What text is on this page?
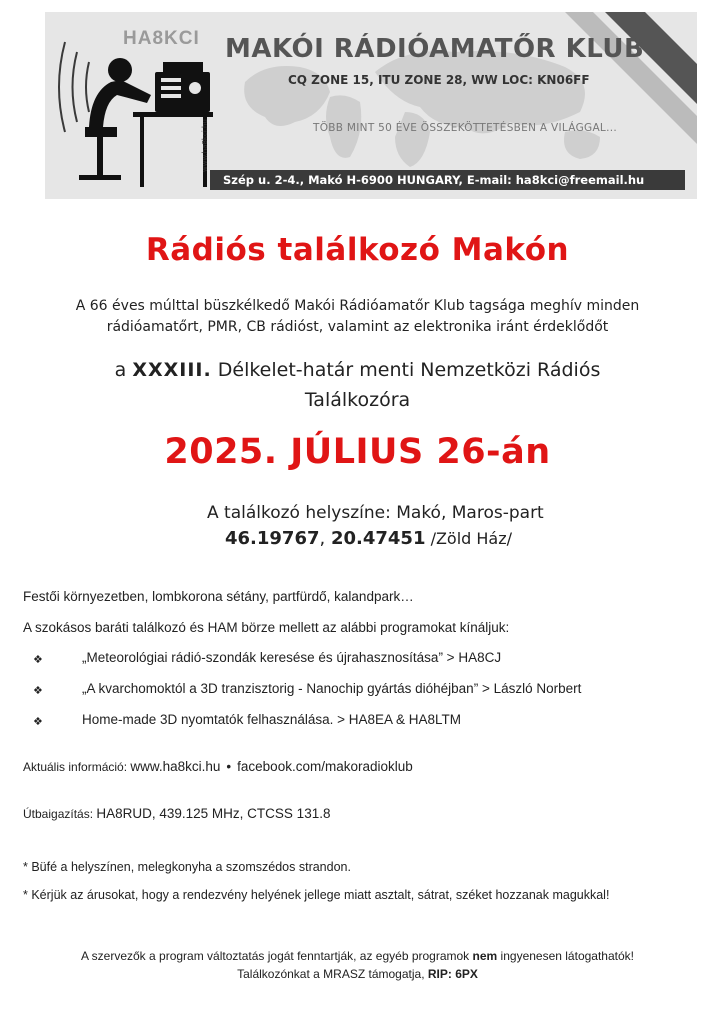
HA8KCI MAKÓI RÁDIÓAMATŐR KLUB
CQ ZONE 15, ITU ZONE 28, WW LOC: KN06FF
TÖBB MINT 50 ÉVE ÖSSZEKÖTTETÉSBEN A VILÁGGAL...
www.ha8kci.hu
Szép u. 2-4., Makó H-6900 HUNGARY, E-mail: ha8kci@freemail.hu
Rádiós találkozó Makón
A 66 éves múlttal büszkélkedő Makói Rádióamatőr Klub tagsága meghív minden
rádióamatőrt, PMR, CB rádióst, valamint az elektronika iránt érdeklődőt
a XXXIII. Délkelet-határ menti Nemzetközi Rádiós
Találkozóra
2025. JÚLIUS 26-án
A találkozó helyszíne: Makó, Maros-part
46.19767, 20.47451 /Zöld Ház/
Festői környezetben, lombkorona sétány, partfürdő, kalandpark…
A szokásos baráti találkozó és HAM börze mellett az alábbi programokat kínáljuk:
❖	„Meteorológiai rádió-szondák keresése és újrahasznosítása” > HA8CJ
❖	„A kvarchomoktól a 3D tranzisztorig - Nanochip gyártás dióhéjban” > László Norbert
❖	Home-made 3D nyomtatók felhasználása. > HA8EA & HA8LTM
Aktuális információ: www.ha8kci.hu • facebook.com/makoradioklub
Útbaigazítás: HA8RUD, 439.125 MHz, CTCSS 131.8
* Büfé a helyszínen, melegkonyha a szomszédos strandon.
* Kérjük az árusokat, hogy a rendezvény helyének jellege miatt asztalt, sátrat, széket hozzanak magukkal!
A szervezők a program változtatás jogát fenntartják, az egyéb programok nem ingyenesen látogathatók!
Találkozónkat a MRASZ támogatja, RIP: 6PX
